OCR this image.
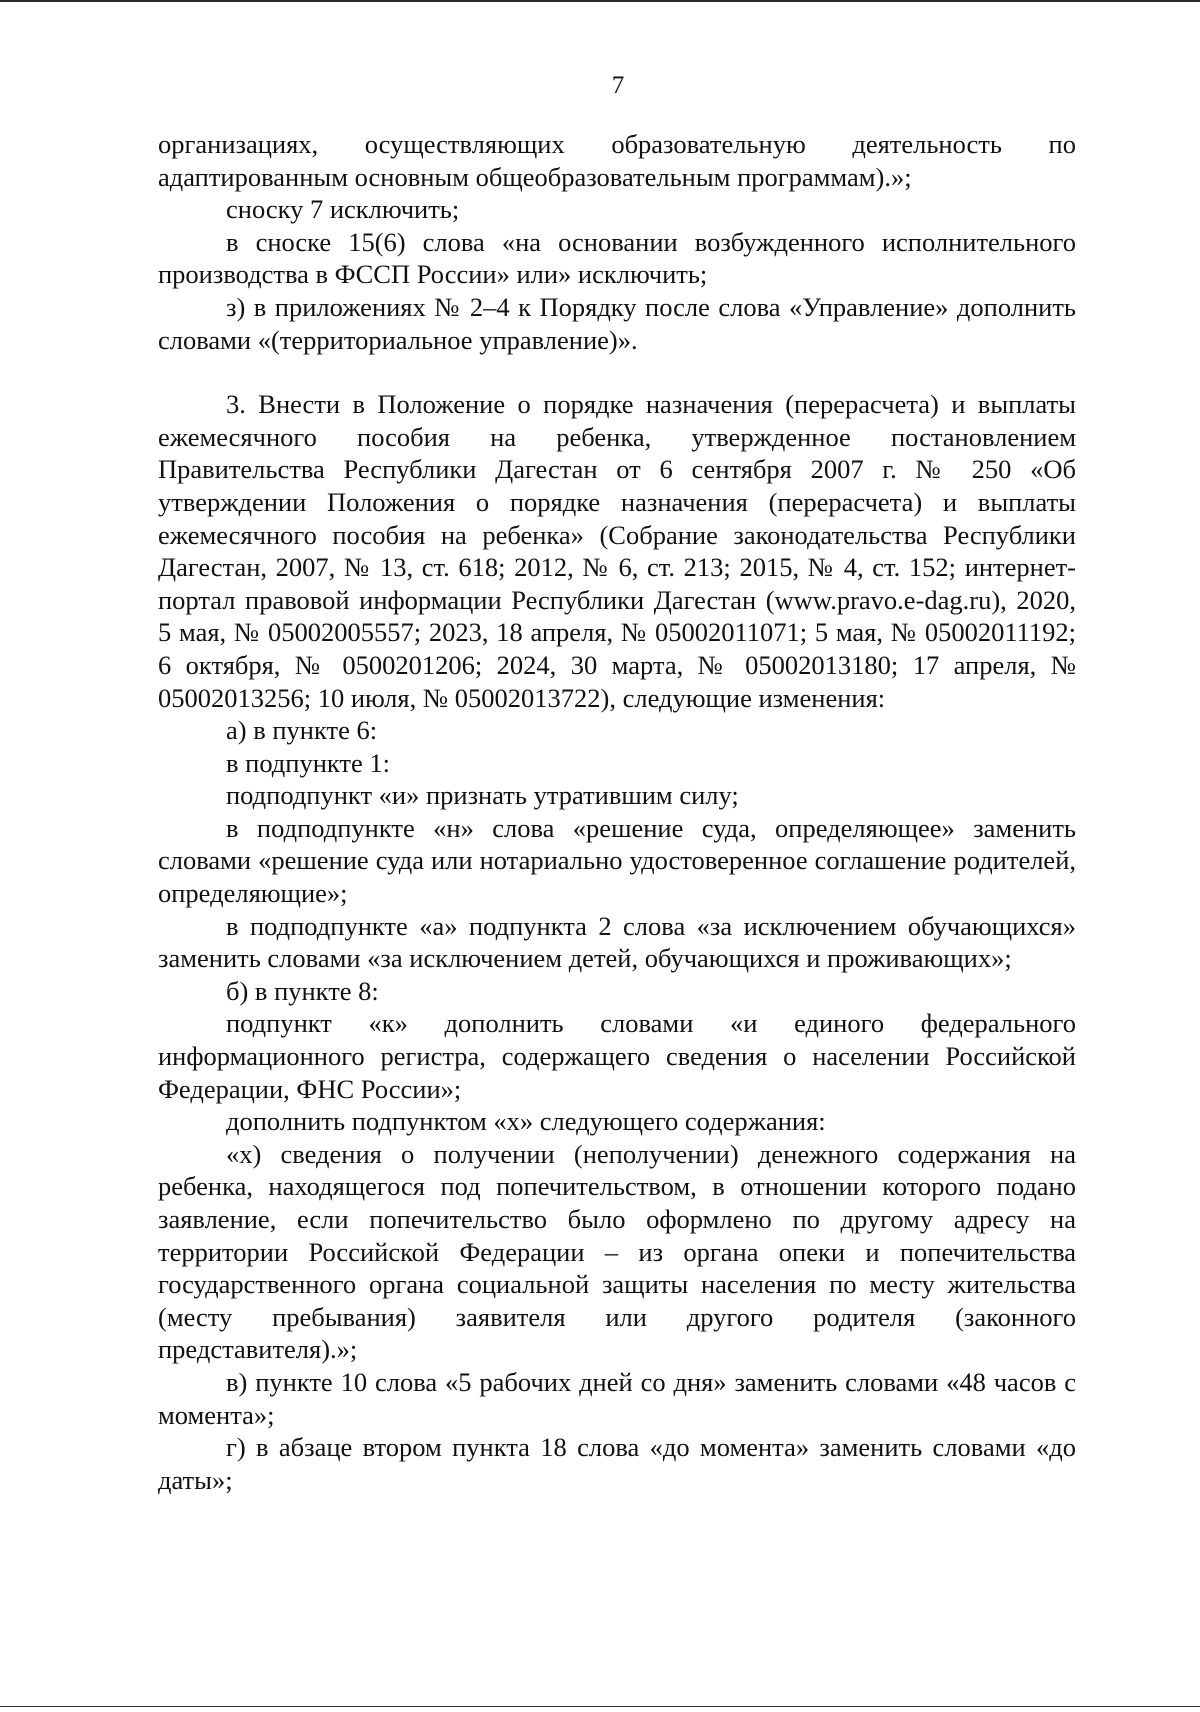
7

организациях, осуществляющих образовательную деятельность по адаптированным основным общеобразовательным программам).»;

сноску 7 исключить;

в сноске 15(6) слова «на основании возбужденного исполнительного производства в ФССП России» или» исключить;

з) в приложениях № 2–4 к Порядку после слова «Управление» дополнить словами «(территориальное управление)».

3. Внести в Положение о порядке назначения (перерасчета) и выплаты ежемесячного пособия на ребенка, утвержденное постановлением Правительства Республики Дагестан от 6 сентября 2007 г. № 250 «Об утверждении Положения о порядке назначения (перерасчета) и выплаты ежемесячного пособия на ребенка» (Собрание законодательства Республики Дагестан, 2007, № 13, ст. 618; 2012, № 6, ст. 213; 2015, № 4, ст. 152; интернет-портал правовой информации Республики Дагестан (www.pravo.e-dag.ru), 2020, 5 мая, № 05002005557; 2023, 18 апреля, № 05002011071; 5 мая, № 05002011192; 6 октября, № 0500201206; 2024, 30 марта, № 05002013180; 17 апреля, № 05002013256; 10 июля, № 05002013722), следующие изменения:

а) в пункте 6:

в подпункте 1:

подподпункт «и» признать утратившим силу;

в подподпункте «н» слова «решение суда, определяющее» заменить словами «решение суда или нотариально удостоверенное соглашение родителей, определяющие»;

в подподпункте «а» подпункта 2 слова «за исключением обучающихся» заменить словами «за исключением детей, обучающихся и проживающих»;

б) в пункте 8:

подпункт «к» дополнить словами «и единого федерального информационного регистра, содержащего сведения о населении Российской Федерации, ФНС России»;

дополнить подпунктом «х» следующего содержания:

«х) сведения о получении (неполучении) денежного содержания на ребенка, находящегося под попечительством, в отношении которого подано заявление, если попечительство было оформлено по другому адресу на территории Российской Федерации – из органа опеки и попечительства государственного органа социальной защиты населения по месту жительства (месту пребывания) заявителя или другого родителя (законного представителя).»;

в) пункте 10 слова «5 рабочих дней со дня» заменить словами «48 часов с момента»;

г) в абзаце втором пункта 18 слова «до момента» заменить словами «до даты»;
